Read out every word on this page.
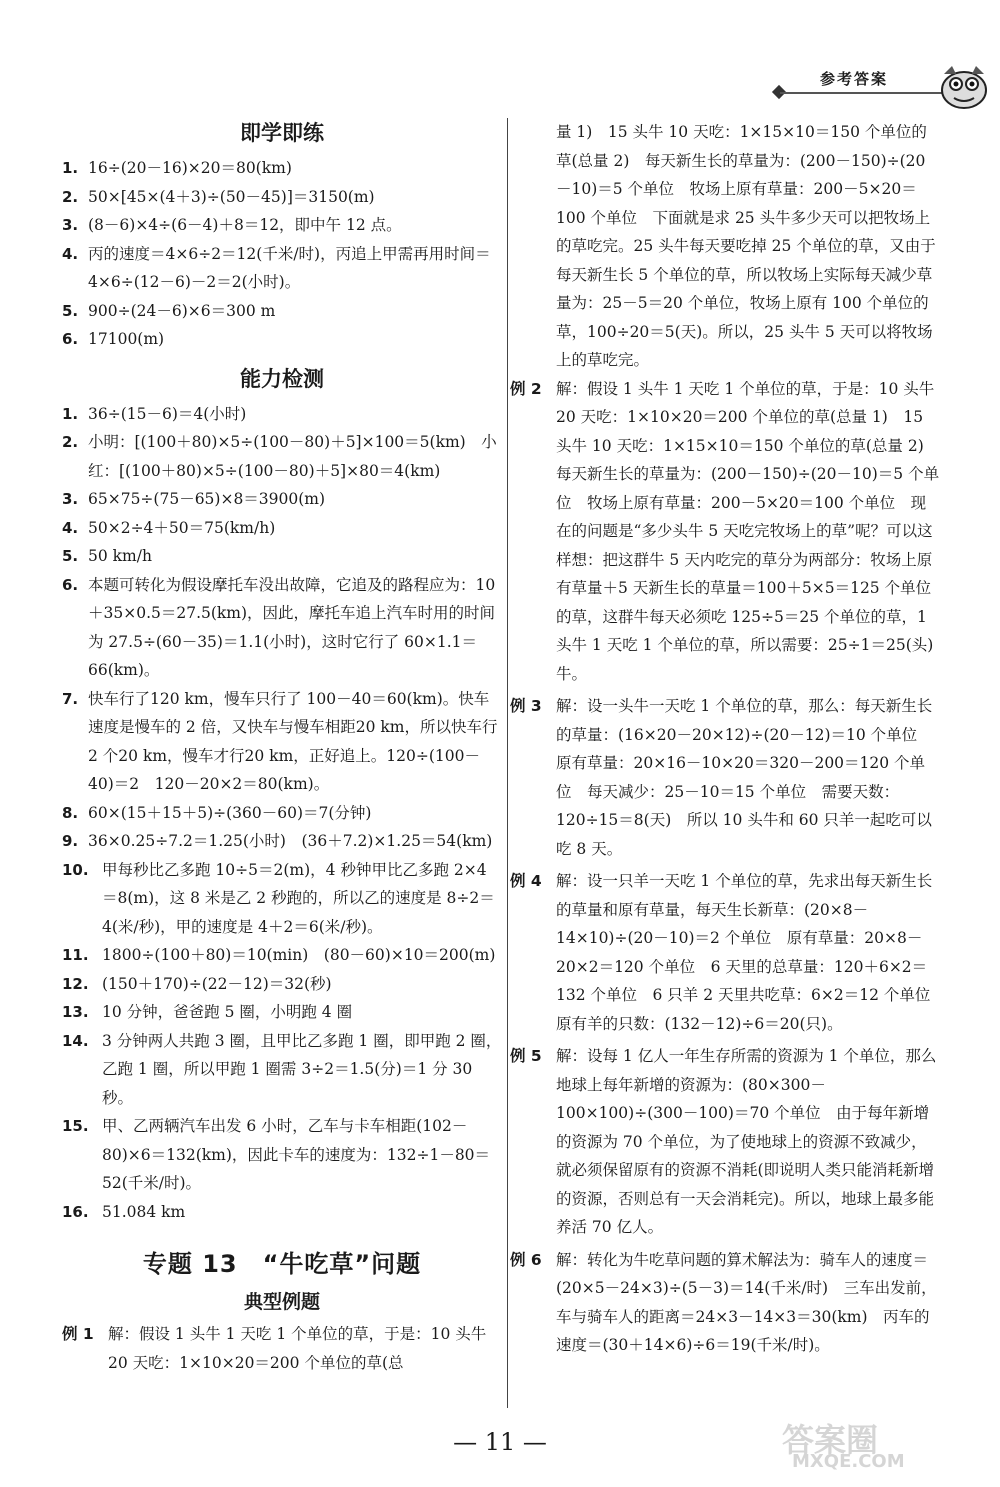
参考答案
即学即练
1. 16÷(20－16)×20＝80(km)
2. 50×[45×(4＋3)÷(50－45)]＝3150(m)
3. (8－6)×4÷(6－4)＋8＝12，即中午 12 点。
4. 丙的速度＝4×6÷2＝12(千米/时)，丙追上甲需再用时间＝4×6÷(12－6)－2＝2(小时)。
5. 900÷(24－6)×6＝300 m
6. 17100(m)
能力检测
1. 36÷(15－6)＝4(小时)
2. 小明：[(100＋80)×5÷(100－80)＋5]×100＝5(km)　小红：[(100＋80)×5÷(100－80)＋5]×80＝4(km)
3. 65×75÷(75－65)×8＝3900(m)
4. 50×2÷4＋50＝75(km/h)
5. 50 km/h
6. 本题可转化为假设摩托车没出故障，它追及的路程应为：10＋35×0.5＝27.5(km)，因此，摩托车追上汽车时用的时间为 27.5÷(60－35)＝1.1(小时)，这时它行了 60×1.1＝66(km)。
7. 快车行了120 km，慢车只行了 100－40＝60(km)。快车速度是慢车的 2 倍，又快车与慢车相距20 km，所以快车行 2 个20 km，慢车才行20 km，正好追上。120÷(100－40)＝2　120－20×2＝80(km)。
8. 60×(15＋15＋5)÷(360－60)＝7(分钟)
9. 36×0.25÷7.2＝1.25(小时)　(36＋7.2)×1.25＝54(km)
10. 甲每秒比乙多跑 10÷5＝2(m)，4 秒钟甲比乙多跑 2×4＝8(m)，这 8 米是乙 2 秒跑的，所以乙的速度是 8÷2＝4(米/秒)，甲的速度是 4＋2＝6(米/秒)。
11. 1800÷(100＋80)＝10(min)　(80－60)×10＝200(m)
12. (150＋170)÷(22－12)＝32(秒)
13. 10 分钟，爸爸跑 5 圈，小明跑 4 圈
14. 3 分钟两人共跑 3 圈，且甲比乙多跑 1 圈，即甲跑 2 圈，乙跑 1 圈，所以甲跑 1 圈需 3÷2＝1.5(分)＝1 分 30 秒。
15. 甲、乙两辆汽车出发 6 小时，乙车与卡车相距(102－80)×6＝132(km)，因此卡车的速度为：132÷1－80＝52(千米/时)。
16. 51.084 km
专题 13　“牛吃草”问题
典型例题
例 1 解：假设 1 头牛 1 天吃 1 个单位的草，于是：10 头牛 20 天吃：1×10×20＝200 个单位的草(总
量 1)　15 头牛 10 天吃：1×15×10＝150 个单位的草(总量 2)　每天新生长的草量为：(200－150)÷(20－10)＝5 个单位　牧场上原有草量：200－5×20＝100 个单位　下面就是求 25 头牛多少天可以把牧场上的草吃完。25 头牛每天要吃掉 25 个单位的草，又由于每天新生长 5 个单位的草，所以牧场上实际每天减少草量为：25－5＝20 个单位，牧场上原有 100 个单位的草，100÷20＝5(天)。所以，25 头牛 5 天可以将牧场上的草吃完。
例 2 解：假设 1 头牛 1 天吃 1 个单位的草，于是：10 头牛 20 天吃：1×10×20＝200 个单位的草(总量 1)　15 头牛 10 天吃：1×15×10＝150 个单位的草(总量 2)　每天新生长的草量为：(200－150)÷(20－10)＝5 个单位　牧场上原有草量：200－5×20＝100 个单位　现在的问题是“多少头牛 5 天吃完牧场上的草”呢？可以这样想：把这群牛 5 天内吃完的草分为两部分：牧场上原有草量＋5 天新生长的草量＝100＋5×5＝125 个单位的草，这群牛每天必须吃 125÷5＝25 个单位的草，1 头牛 1 天吃 1 个单位的草，所以需要：25÷1＝25(头)牛。
例 3 解：设一头牛一天吃 1 个单位的草，那么：每天新生长的草量：(16×20－20×12)÷(20－12)＝10 个单位　原有草量：20×16－10×20＝320－200＝120 个单位　每天减少：25－10＝15 个单位　需要天数：120÷15＝8(天)　所以 10 头牛和 60 只羊一起吃可以吃 8 天。
例 4 解：设一只羊一天吃 1 个单位的草，先求出每天新生长的草量和原有草量，每天生长新草：(20×8－14×10)÷(20－10)＝2 个单位　原有草量：20×8－20×2＝120 个单位　6 天里的总草量：120＋6×2＝132 个单位　6 只羊 2 天里共吃草：6×2＝12 个单位　原有羊的只数：(132－12)÷6＝20(只)。
例 5 解：设每 1 亿人一年生存所需的资源为 1 个单位，那么地球上每年新增的资源为：(80×300－100×100)÷(300－100)＝70 个单位　由于每年新增的资源为 70 个单位，为了使地球上的资源不致减少，就必须保留原有的资源不消耗(即说明人类只能消耗新增的资源，否则总有一天会消耗完)。所以，地球上最多能养活 70 亿人。
例 6 解：转化为牛吃草问题的算术解法为：骑车人的速度＝(20×5－24×3)÷(5－3)＝14(千米/时)　三车出发前，车与骑车人的距离＝24×3－14×3＝30(km)　丙车的速度＝(30＋14×6)÷6＝19(千米/时)。
— 11 —	答案圈
MXQE.COM
